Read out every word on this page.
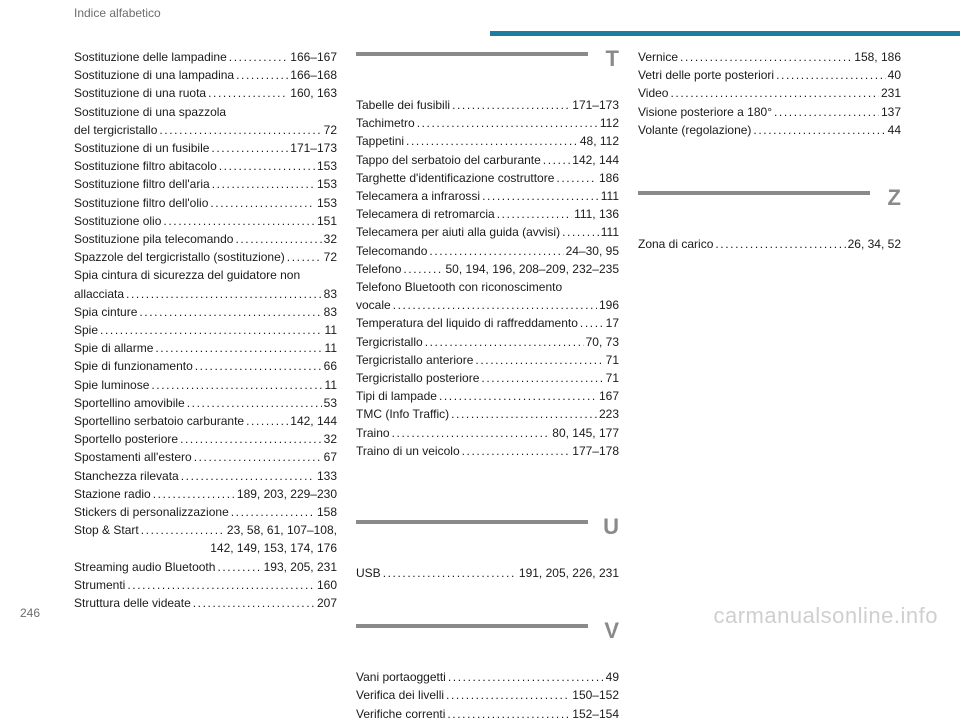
Indice alfabetico
Sostituzione delle lampadine .....	166–167
Sostituzione di una lampadina .....	166–168
Sostituzione di una ruota .....	160, 163
Sostituzione di una spazzola
del tergicristallo .....	72
Sostituzione di un fusibile .....	171–173
Sostituzione filtro abitacolo .....	153
Sostituzione filtro dell'aria .....	153
Sostituzione filtro dell'olio .....	153
Sostituzione olio .....	151
Sostituzione pila telecomando .....	32
Spazzole del tergicristallo (sostituzione) .....	72
Spia cintura di sicurezza del guidatore non
allacciata .....	83
Spia cinture .....	83
Spie .....	11
Spie di allarme .....	11
Spie di funzionamento .....	66
Spie luminose .....	11
Sportellino amovibile .....	53
Sportellino serbatoio carburante .....	142, 144
Sportello posteriore .....	32
Spostamenti all'estero .....	67
Stanchezza rilevata .....	133
Stazione radio .....	189, 203, 229–230
Stickers di personalizzazione .....	158
Stop & Start .....	23, 58, 61, 107–108,
142, 149, 153, 174, 176
Streaming audio Bluetooth .....	193, 205, 231
Strumenti .....	160
Struttura delle videate .....	207
T
Tabelle dei fusibili .....	171–173
Tachimetro .....	112
Tappetini .....	48, 112
Tappo del serbatoio del carburante .....	142, 144
Targhette d'identificazione costruttore .....	186
Telecamera a infrarossi .....	111
Telecamera di retromarcia .....	111, 136
Telecamera per aiuti alla guida (avvisi) .....	111
Telecomando .....	24–30, 95
Telefono .....	50, 194, 196, 208–209, 232–235
Telefono Bluetooth con riconoscimento
vocale .....	196
Temperatura del liquido di raffreddamento ..... 17
Tergicristallo .....	70, 73
Tergicristallo anteriore .....	71
Tergicristallo posteriore .....	71
Tipi di lampade .....	167
TMC (Info Traffic) .....	223
Traino .....	80, 145, 177
Traino di un veicolo .....	177–178
U
USB .....	191, 205, 226, 231
V
Vani portaoggetti .....	49
Verifica dei livelli .....	150–152
Verifiche correnti .....	152–154
Vernice .....	158, 186
Vetri delle porte posteriori .....	40
Video .....	231
Visione posteriore a 180° .....	137
Volante (regolazione) .....	44
Z
Zona di carico .....	26, 34, 52
246	carmanualsonline.info
